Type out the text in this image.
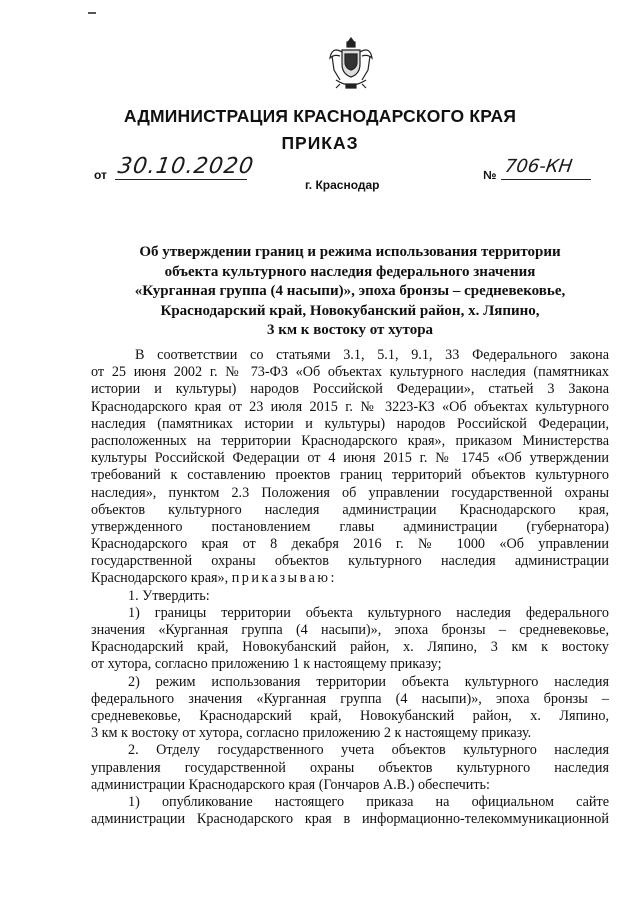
АДМИНИСТРАЦИЯ КРАСНОДАРСКОГО КРАЯ
ПРИКАЗ
от 30.10.2020	№ 706-КН
г. Краснодар
Об утверждении границ и режима использования территории
объекта культурного наследия федерального значения
«Курганная группа (4 насыпи)», эпоха бронзы – средневековье,
Краснодарский край, Новокубанский район, х. Ляпино,
3 км к востоку от хутора
В соответствии со статьями 3.1, 5.1, 9.1, 33 Федерального закона
от 25 июня 2002 г. № 73-ФЗ «Об объектах культурного наследия (памятниках
истории и культуры) народов Российской Федерации», статьей 3 Закона
Краснодарского края от 23 июля 2015 г. № 3223-КЗ «Об объектах культурного
наследия (памятниках истории и культуры) народов Российской Федерации,
расположенных на территории Краснодарского края», приказом Министерства
культуры Российской Федерации от 4 июня 2015 г. № 1745 «Об утверждении
требований к составлению проектов границ территорий объектов культурного
наследия», пунктом 2.3 Положения об управлении государственной охраны
объектов культурного наследия администрации Краснодарского края,
утвержденного постановлением главы администрации (губернатора)
Краснодарского края от 8 декабря 2016 г. № 1000 «Об управлении
государственной охраны объектов культурного наследия администрации
Краснодарского края», приказываю:
1. Утвердить:
1) границы территории объекта культурного наследия федерального
значения «Курганная группа (4 насыпи)», эпоха бронзы – средневековье,
Краснодарский край, Новокубанский район, х. Ляпино, 3 км к востоку
от хутора, согласно приложению 1 к настоящему приказу;
2) режим использования территории объекта культурного наследия
федерального значения «Курганная группа (4 насыпи)», эпоха бронзы –
средневековье, Краснодарский край, Новокубанский район, х. Ляпино,
3 км к востоку от хутора, согласно приложению 2 к настоящему приказу.
2. Отделу государственного учета объектов культурного наследия
управления государственной охраны объектов культурного наследия
администрации Краснодарского края (Гончаров А.В.) обеспечить:
1) опубликование настоящего приказа на официальном сайте
администрации Краснодарского края в информационно-телекоммуникационной
